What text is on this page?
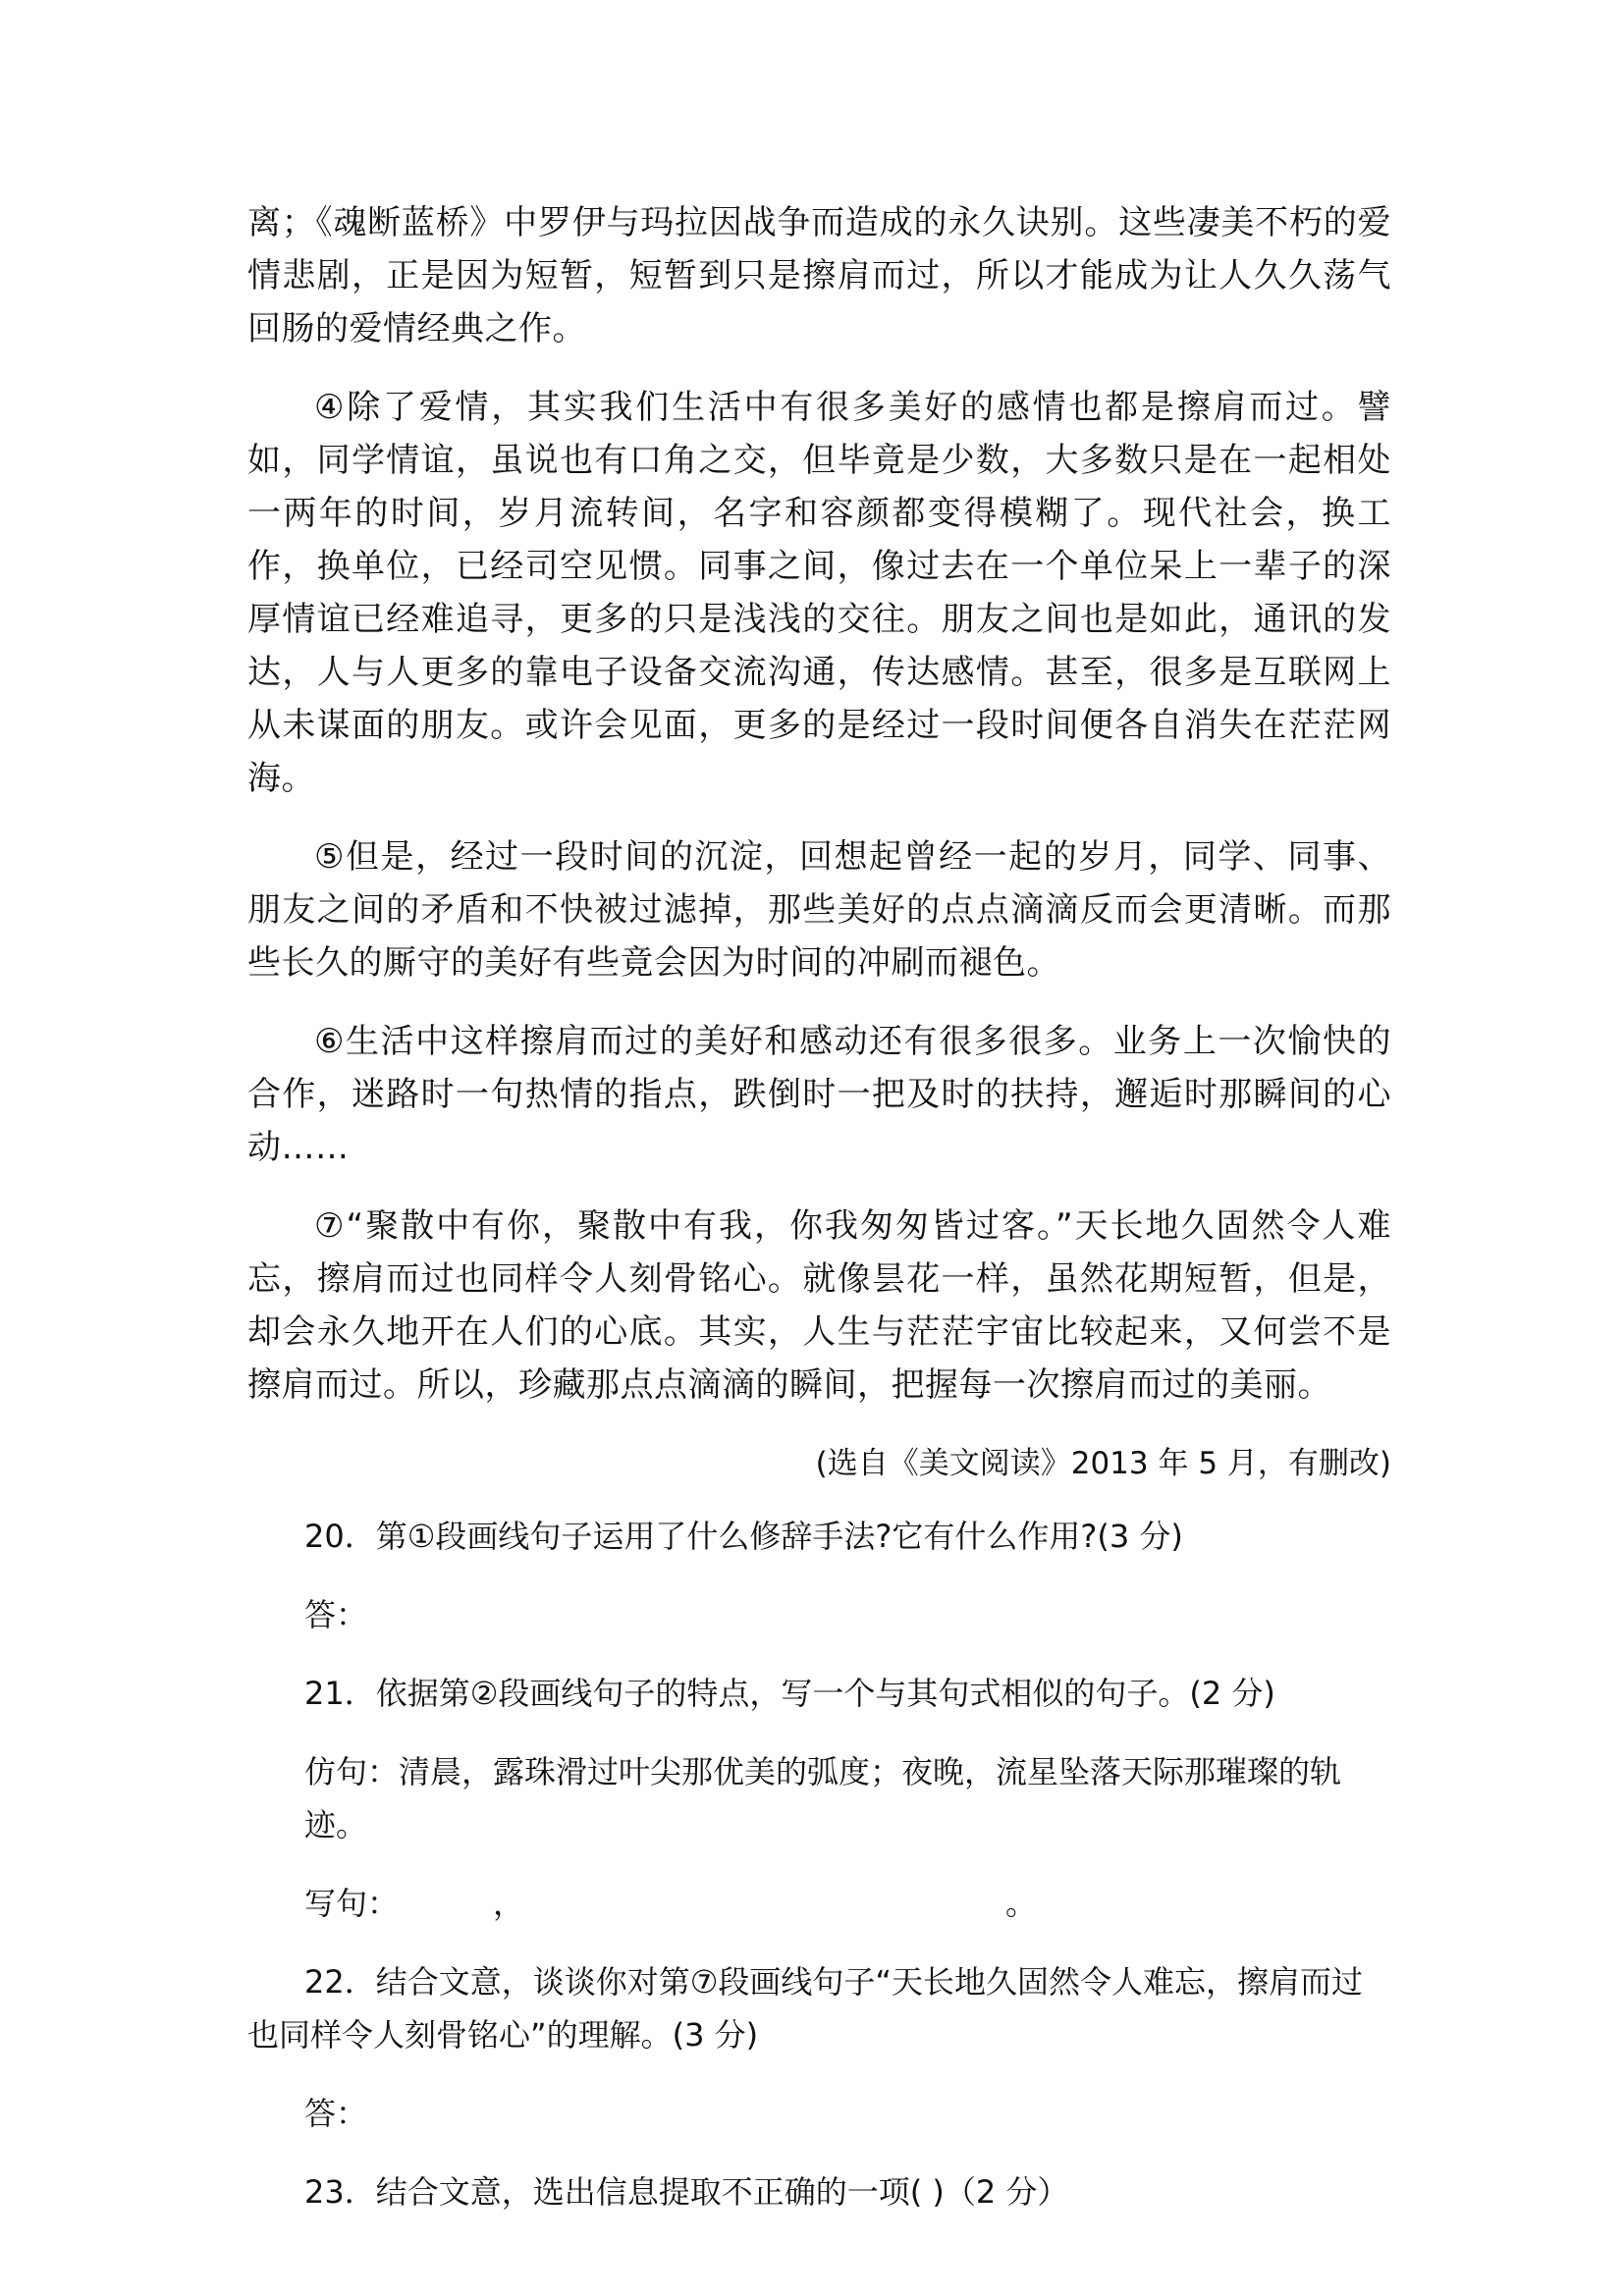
离；《魂断蓝桥》中罗伊与玛拉因战争而造成的永久诀别。这些凄美不朽的爱情悲剧，正是因为短暂，短暂到只是擦肩而过，所以才能成为让人久久荡气回肠的爱情经典之作。

④除了爱情，其实我们生活中有很多美好的感情也都是擦肩而过。譬如，同学情谊，虽说也有口角之交，但毕竟是少数，大多数只是在一起相处一两年的时间，岁月流转间，名字和容颜都变得模糊了。现代社会，换工作，换单位，已经司空见惯。同事之间，像过去在一个单位呆上一辈子的深厚情谊已经难追寻，更多的只是浅浅的交往。朋友之间也是如此，通讯的发达，人与人更多的靠电子设备交流沟通，传达感情。甚至，很多是互联网上从未谋面的朋友。或许会见面，更多的是经过一段时间便各自消失在茫茫网海。

⑤但是，经过一段时间的沉淀，回想起曾经一起的岁月，同学、同事、朋友之间的矛盾和不快被过滤掉，那些美好的点点滴滴反而会更清晰。而那些长久的厮守的美好有些竟会因为时间的冲刷而褪色。

⑥生活中这样擦肩而过的美好和感动还有很多很多。业务上一次愉快的合作，迷路时一句热情的指点，跌倒时一把及时的扶持，邂逅时那瞬间的心动……

⑦“聚散中有你，聚散中有我，你我匆匆皆过客。”天长地久固然令人难忘，擦肩而过也同样令人刻骨铭心。就像昙花一样，虽然花期短暂，但是，却会永久地开在人们的心底。其实，人生与茫茫宇宙比较起来，又何尝不是擦肩而过。所以，珍藏那点点滴滴的瞬间，把握每一次擦肩而过的美丽。

(选自《美文阅读》2013 年 5 月，有删改)

20．第①段画线句子运用了什么修辞手法?它有什么作用?(3 分)

答：

21．依据第②段画线句子的特点，写一个与其句式相似的句子。(2 分)

仿句：清晨，露珠滑过叶尖那优美的弧度；夜晚，流星坠落天际那璀璨的轨迹。

写句：	，	。

22．结合文意，谈谈你对第⑦段画线句子“天长地久固然令人难忘，擦肩而过也同样令人刻骨铭心”的理解。(3 分)

答：

23．结合文意，选出信息提取不正确的一项( )（2 分）
